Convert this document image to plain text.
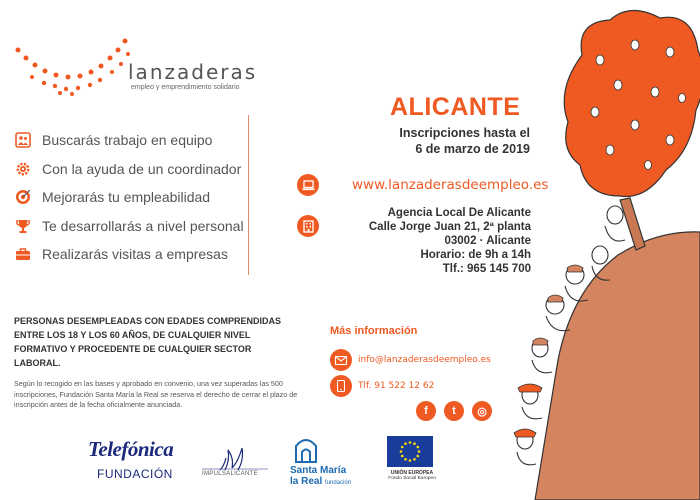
lanzaderas
empleo y emprendimiento solidario
Buscarás trabajo en equipo
Con la ayuda de un coordinador
Mejorarás tu empleabilidad
Te desarrollarás a nivel personal
Realizarás visitas a empresas
PERSONAS DESEMPLEADAS CON EDADES COMPRENDIDAS ENTRE LOS 18 Y LOS 60 AÑOS, DE CUALQUIER NIVEL FORMATIVO Y PROCEDENTE DE CUALQUIER SECTOR LABORAL.
Según lo recogido en las bases y aprobado en convenio, una vez superadas las 500 inscripciones, Fundación Santa María la Real se reserva el derecho de cerrar el plazo de inscripción antes de la fecha oficialmente anunciada.
ALICANTE
Inscripciones hasta el
6 de marzo de 2019
www.lanzaderasdeempleo.es
Agencia Local De Alicante
Calle Jorge Juan 21, 2ª planta
03002 · Alicante
Horario: de 9h a 14h
Tlf.: 965 145 700
Más información
info@lanzaderasdeempleo.es
Tlf. 91 522 12 62
f	t	◎
Telefónica
FUNDACIÓN	IMPULSALICANTE	Santa María
la Real fundación
UNIÓN EUROPEA
Fondo Social Europeo
